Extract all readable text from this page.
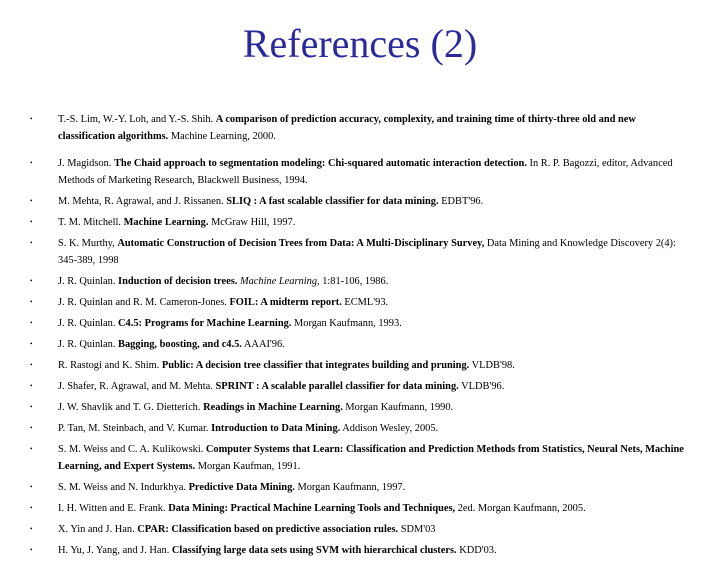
References (2)
• T.-S. Lim, W.-Y. Loh, and Y.-S. Shih. A comparison of prediction accuracy, complexity, and training time of thirty-three old and new classification algorithms. Machine Learning, 2000.
• J. Magidson. The Chaid approach to segmentation modeling: Chi-squared automatic interaction detection. In R. P. Bagozzi, editor, Advanced Methods of Marketing Research, Blackwell Business, 1994.
• M. Mehta, R. Agrawal, and J. Rissanen. SLIQ : A fast scalable classifier for data mining. EDBT'96.
• T. M. Mitchell. Machine Learning. McGraw Hill, 1997.
• S. K. Murthy, Automatic Construction of Decision Trees from Data: A Multi-Disciplinary Survey, Data Mining and Knowledge Discovery 2(4): 345-389, 1998
• J. R. Quinlan. Induction of decision trees. Machine Learning, 1:81-106, 1986.
• J. R. Quinlan and R. M. Cameron-Jones. FOIL: A midterm report. ECML'93.
• J. R. Quinlan. C4.5: Programs for Machine Learning. Morgan Kaufmann, 1993.
• J. R. Quinlan. Bagging, boosting, and c4.5. AAAI'96.
• R. Rastogi and K. Shim. Public: A decision tree classifier that integrates building and pruning. VLDB'98.
• J. Shafer, R. Agrawal, and M. Mehta. SPRINT : A scalable parallel classifier for data mining. VLDB'96.
• J. W. Shavlik and T. G. Dietterich. Readings in Machine Learning. Morgan Kaufmann, 1990.
• P. Tan, M. Steinbach, and V. Kumar. Introduction to Data Mining. Addison Wesley, 2005.
• S. M. Weiss and C. A. Kulikowski. Computer Systems that Learn: Classification and Prediction Methods from Statistics, Neural Nets, Machine Learning, and Expert Systems. Morgan Kaufman, 1991.
• S. M. Weiss and N. Indurkhya. Predictive Data Mining. Morgan Kaufmann, 1997.
• I. H. Witten and E. Frank. Data Mining: Practical Machine Learning Tools and Techniques, 2ed. Morgan Kaufmann, 2005.
• X. Yin and J. Han. CPAR: Classification based on predictive association rules. SDM'03
• H. Yu, J. Yang, and J. Han. Classifying large data sets using SVM with hierarchical clusters. KDD'03.
